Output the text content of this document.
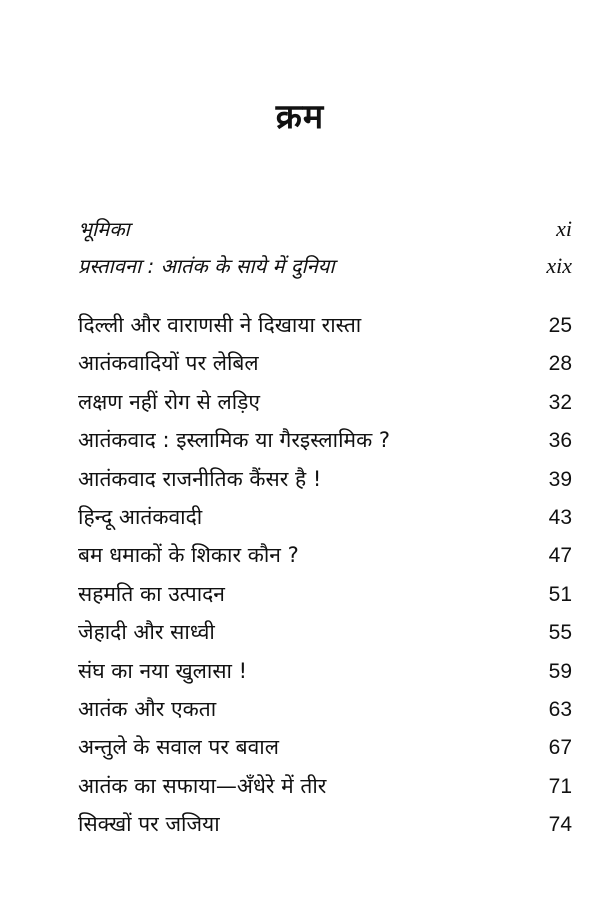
क्रम
भूमिका	xi
प्रस्तावना : आतंक के साये में दुनिया	xix
दिल्ली और वाराणसी ने दिखाया रास्ता	25
आतंकवादियों पर लेबिल	28
लक्षण नहीं रोग से लड़िए	32
आतंकवाद : इस्लामिक या गैरइस्लामिक ?	36
आतंकवाद राजनीतिक कैंसर है !	39
हिन्दू आतंकवादी	43
बम धमाकों के शिकार कौन ?	47
सहमति का उत्पादन	51
जेहादी और साध्वी	55
संघ का नया खुलासा !	59
आतंक और एकता	63
अन्तुले के सवाल पर बवाल	67
आतंक का सफाया—अँधेरे में तीर	71
सिक्खों पर जजिया	74
